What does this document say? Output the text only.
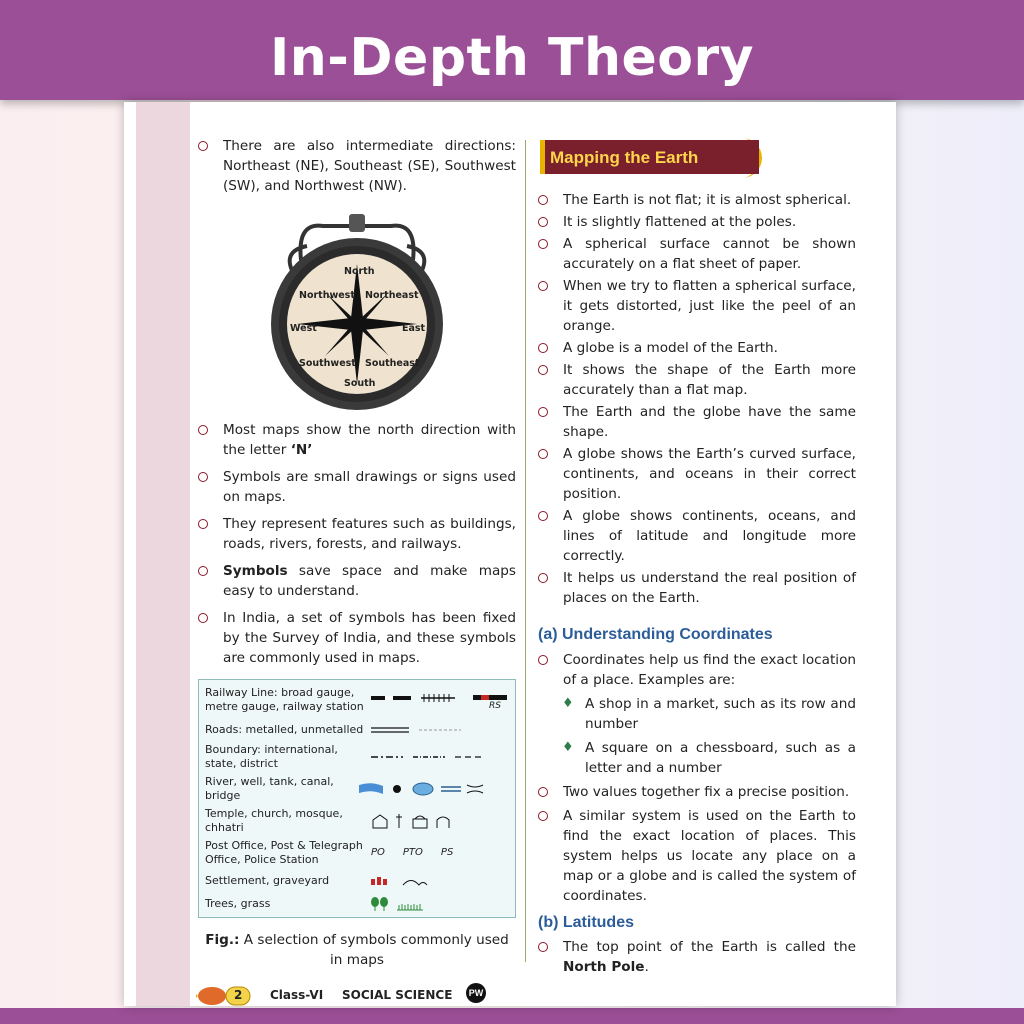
In-Depth Theory
There are also intermediate directions: Northeast (NE), Southeast (SE), Southwest (SW), and Northwest (NW).
North
Northwest Northeast
West	East
Southwest Southeast
South
Most maps show the north direction with the letter ‘N’
Symbols are small drawings or signs used on maps.
They represent features such as buildings, roads, rivers, forests, and railways.
Symbols save space and make maps easy to understand.
In India, a set of symbols has been fixed by the Survey of India, and these symbols are commonly used in maps.
Railway Line: broad gauge, metre gauge, railway station	RS
Roads: metalled, unmetalled
Boundary: international, state, district
River, well, tank, canal, bridge
Temple, church, mosque, chhatri
Post Office, Post & Telegraph Office, Police Station
PO PTO PS
Settlement, graveyard
Trees, grass
Fig.: A selection of symbols commonly used in maps
Mapping the Earth
The Earth is not flat; it is almost spherical.
It is slightly flattened at the poles.
A spherical surface cannot be shown accurately on a flat sheet of paper.
When we try to flatten a spherical surface, it gets distorted, just like the peel of an orange.
A globe is a model of the Earth.
It shows the shape of the Earth more accurately than a flat map.
The Earth and the globe have the same shape.
A globe shows the Earth’s curved surface, continents, and oceans in their correct position.
A globe shows continents, oceans, and lines of latitude and longitude more correctly.
It helps us understand the real position of places on the Earth.
(a) Understanding Coordinates
Coordinates help us find the exact location of a place. Examples are:
♦ A shop in a market, such as its row and number
♦ A square on a chessboard, such as a letter and a number
Two values together fix a precise position.
A similar system is used on the Earth to find the exact location of places. This system helps us locate any place on a map or a globe and is called the system of coordinates.
(b) Latitudes
The top point of the Earth is called the North Pole.
2 Class-VI SOCIAL SCIENCE	PW
